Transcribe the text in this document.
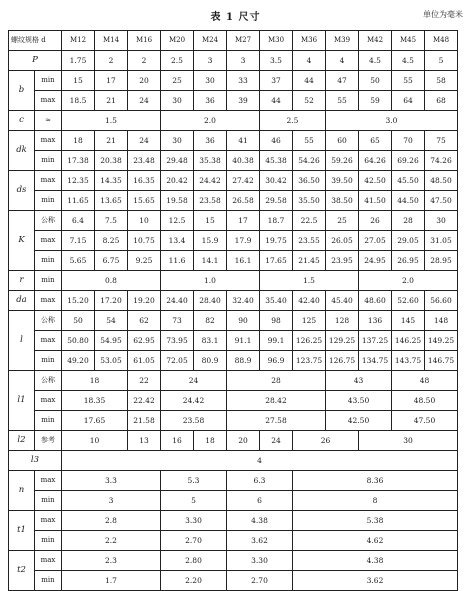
表 1 尺寸	单位为毫米
螺纹规格 d		M12	M14	M16	M20	M24	M27	M30	M36	M39	M42	M45	M48
P		1.75	2	2	2.5	3	3	3.5	4	4	4.5	4.5	5
b	min	15	17	20	25	30	33	37	44	47	50	55	58
	max	18.5	21	24	30	36	39	44	52	55	59	64	68
c	≈	1.5			2.0			2.5		3.0			
dk	max	18	21	24	30	36	41	46	55	60	65	70	75
	min	17.38	20.38	23.48	29.48	35.38	40.38	45.38	54.26	59.26	64.26	69.26	74.26
ds	max	12.35	14.35	16.35	20.42	24.42	27.42	30.42	36.50	39.50	42.50	45.50	48.50
	min	11.65	13.65	15.65	19.58	23.58	26.58	29.58	35.50	38.50	41.50	44.50	47.50
K	公称	6.4	7.5	10	12.5	15	17	18.7	22.5	25	26	28	30
	max	7.15	8.25	10.75	13.4	15.9	17.9	19.75	23.55	26.05	27.05	29.05	31.05
	min	5.65	6.75	9.25	11.6	14.1	16.1	17.65	21.45	23.95	24.95	26.95	28.95
r	min	0.8			1.0			1.5			2.0		
da	max	15.20	17.20	19.20	24.40	28.40	32.40	35.40	42.40	45.40	48.60	52.60	56.60
l	公称	50	54	62	73	82	90	98	125	128	136	145	148
	max	50.80	54.95	62.95	73.95	83.1	91.1	99.1	126.25	129.25	137.25	146.25	149.25
	min	49.20	53.05	61.05	72.05	80.9	88.9	96.9	123.75	126.75	134.75	143.75	146.75
l1	公称	18		22	24		28			43		48	
	max	18.35		22.42	24.42		28.42			43.50		48.50	
	min	17.65		21.58	23.58		27.58			42.50		47.50	
l2	参考	10		13	16	18	20	24	26		30		
l3		4											
n	max	3.3			5.3		6.3		8.36				
	min	3			5		6		8				
t1	max	2.8			3.30		4.38		5.38				
	min	2.2			2.70		3.62		4.62				
t2	max	2.3			2.80		3.30		4.38				
	min	1.7			2.20		2.70		3.62				
